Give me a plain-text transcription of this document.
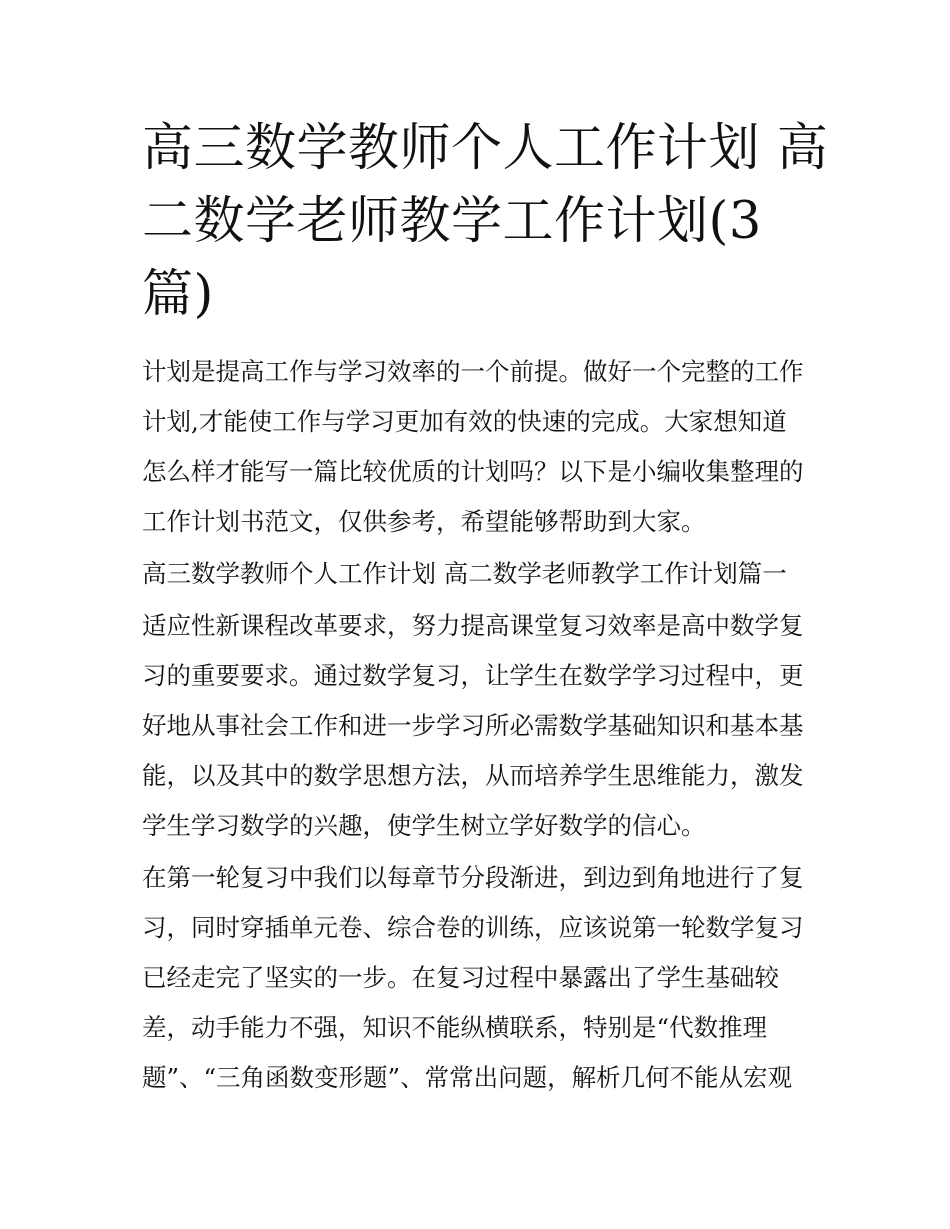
高三数学教师个人工作计划 高
二数学老师教学工作计划(3
篇)
计划是提高工作与学习效率的一个前提。做好一个完整的工作
计划,才能使工作与学习更加有效的快速的完成。大家想知道
怎么样才能写一篇比较优质的计划吗？以下是小编收集整理的
工作计划书范文，仅供参考，希望能够帮助到大家。
高三数学教师个人工作计划 高二数学老师教学工作计划篇一
适应性新课程改革要求，努力提高课堂复习效率是高中数学复
习的重要要求。通过数学复习，让学生在数学学习过程中，更
好地从事社会工作和进一步学习所必需数学基础知识和基本基
能，以及其中的数学思想方法，从而培养学生思维能力，激发
学生学习数学的兴趣，使学生树立学好数学的信心。
在第一轮复习中我们以每章节分段渐进，到边到角地进行了复
习，同时穿插单元卷、综合卷的训练，应该说第一轮数学复习
已经走完了坚实的一步。在复习过程中暴露出了学生基础较
差，动手能力不强，知识不能纵横联系，特别是“代数推理
题”、“三角函数变形题”、常常出问题，解析几何不能从宏观
